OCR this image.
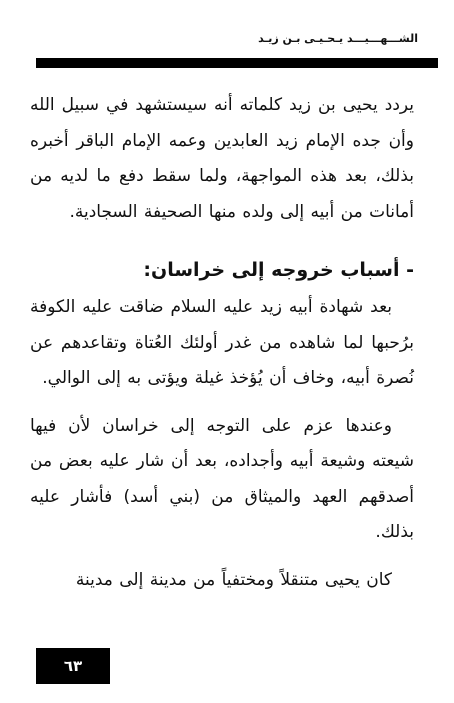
الشـــهـــيـــد يـحـيـى بـن زيـد

يردد يحيى بن زيد كلماته أنه سيستشهد في سبيل الله وأن جده الإمام زيد العابدين وعمه الإمام الباقر أخبره بذلك، بعد هذه المواجهة، ولما سقط دفع ما لديه من أمانات من أبيه إلى ولده منها الصحيفة السجادية.

- أسباب خروجه إلى خراسان:

بعد شهادة أبيه زيد عليه السلام ضاقت عليه الكوفة برُحبها لما شاهده من غدر أولئك العُتاة وتقاعدهم عن نُصرة أبيه، وخاف أن يُؤخذ غيلة ويؤتى به إلى الوالي.

وعندها عزم على التوجه إلى خراسان لأن فيها شيعته وشيعة أبيه وأجداده، بعد أن شار عليه بعض من أصدقهم العهد والميثاق من (بني أسد) فأشار عليه بذلك.

كان يحيى متنقلاً ومختفياً من مدينة إلى مدينة

٦٣
